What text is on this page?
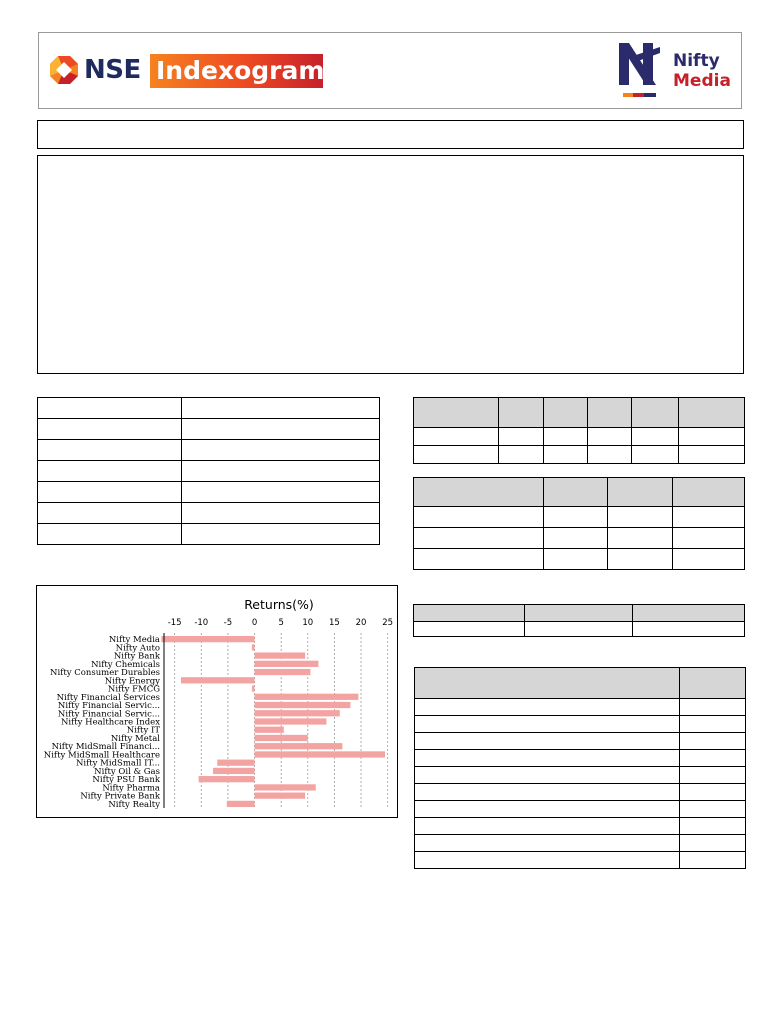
NSE Indexogram	Nifty
Media

Returns(%)
-15 -10 -5 0 5 10 15 20 25
Nifty Media
Nifty Auto
Nifty Bank
Nifty Chemicals
Nifty Consumer Durables
Nifty Energy
Nifty FMCG
Nifty Financial Services
Nifty Financial Servic...
Nifty Financial Servic...
Nifty Healthcare Index
Nifty IT
Nifty Metal
Nifty MidSmall Financi...
Nifty MidSmall Healthcare
Nifty MidSmall IT...
Nifty Oil & Gas
Nifty PSU Bank
Nifty Pharma
Nifty Private Bank
Nifty Realty
